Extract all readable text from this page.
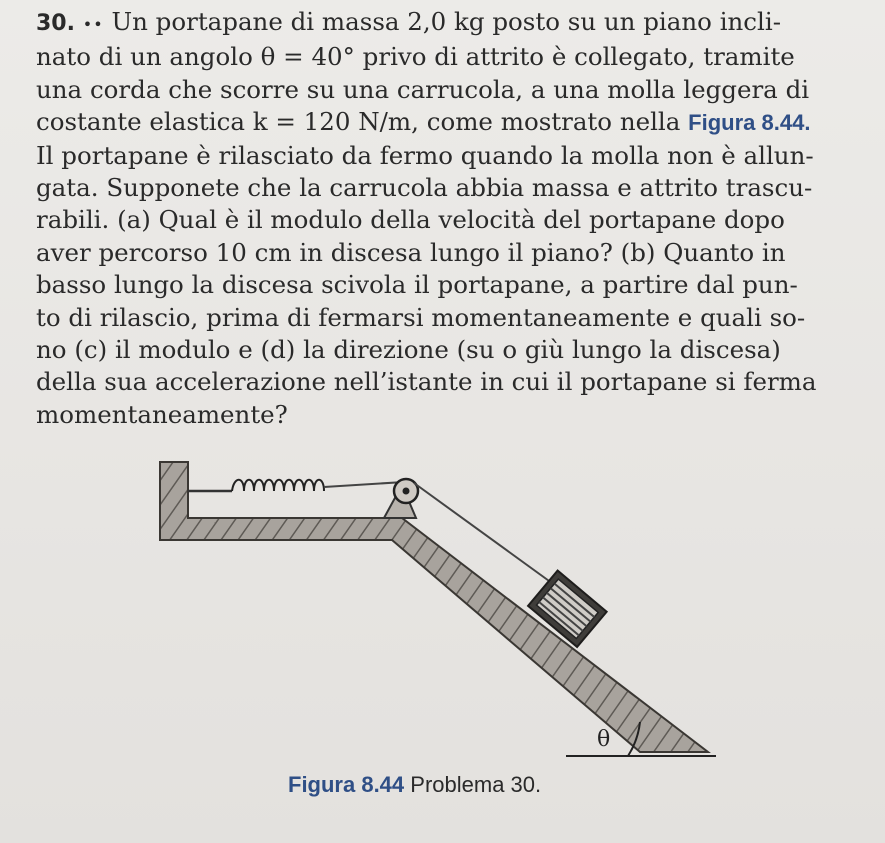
30. •• Un portapane di massa 2,0 kg posto su un piano incli-
nato di un angolo θ = 40° privo di attrito è collegato, tramite
una corda che scorre su una carrucola, a una molla leggera di
costante elastica k = 120 N/m, come mostrato nella Figura 8.44.
Il portapane è rilasciato da fermo quando la molla non è allun-
gata. Supponete che la carrucola abbia massa e attrito trascu-
rabili. (a) Qual è il modulo della velocità del portapane dopo
aver percorso 10 cm in discesa lungo il piano? (b) Quanto in
basso lungo la discesa scivola il portapane, a partire dal pun-
to di rilascio, prima di fermarsi momentaneamente e quali so-
no (c) il modulo e (d) la direzione (su o giù lungo la discesa)
della sua accelerazione nell’istante in cui il portapane si ferma
momentaneamente?
θ
Figura 8.44 Problema 30.
